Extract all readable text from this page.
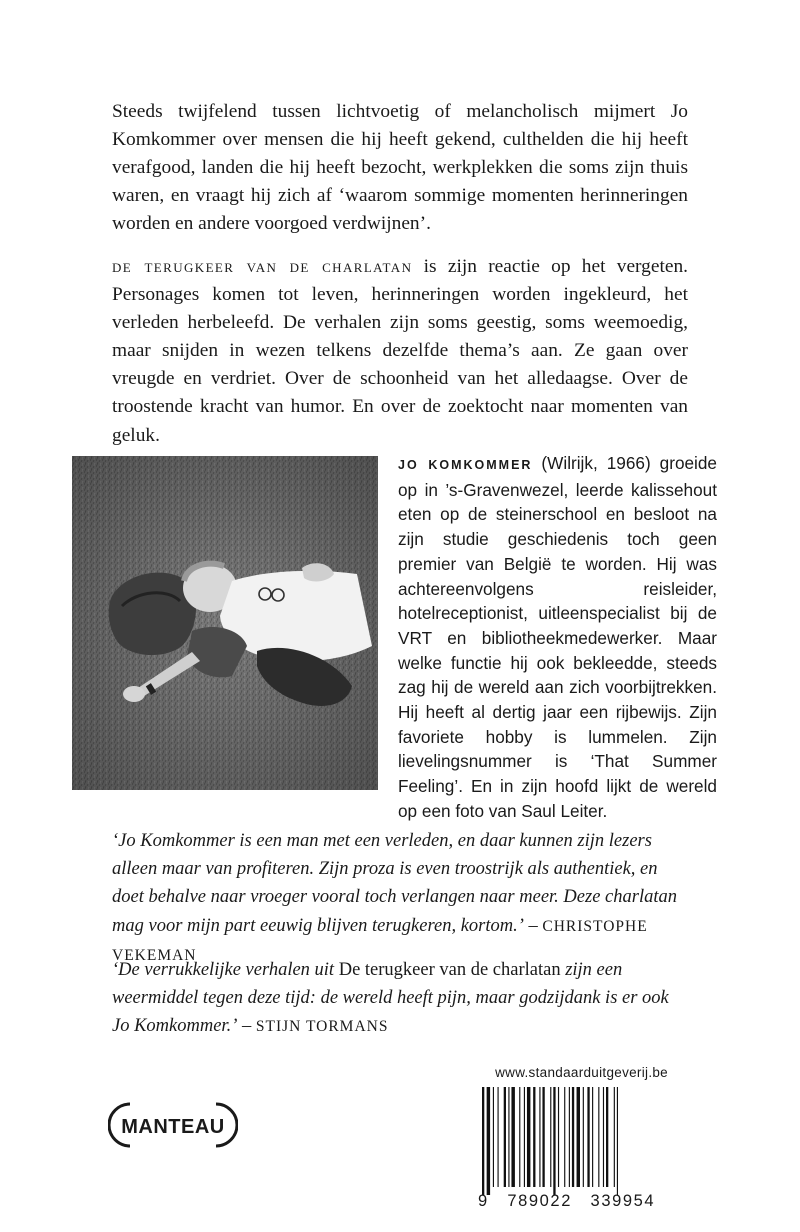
Steeds twijfelend tussen lichtvoetig of melancholisch mijmert Jo Komkommer over mensen die hij heeft gekend, culthelden die hij heeft verafgood, landen die hij heeft bezocht, werkplekken die soms zijn thuis waren, en vraagt hij zich af ‘waarom sommige momenten herinneringen worden en andere voorgoed verdwijnen’.

de terugkeer van de charlatan is zijn reactie op het vergeten. Personages komen tot leven, herinneringen worden ingekleurd, het verleden herbeleefd. De verhalen zijn soms geestig, soms weemoedig, maar snijden in wezen telkens dezelfde thema’s aan. Ze gaan over vreugde en verdriet. Over de schoonheid van het alledaagse. Over de troostende kracht van humor. En over de zoektocht naar momenten van geluk.

JO KOMKOMMER (Wilrijk, 1966) groeide op in ’s-Gravenwezel, leerde kalissehout eten op de steinerschool en besloot na zijn studie geschiedenis toch geen premier van België te worden. Hij was achtereenvolgens reisleider, hotelreceptionist, uitleenspecialist bij de VRT en bibliotheekmedewerker. Maar welke functie hij ook bekleedde, steeds zag hij de wereld aan zich voorbijtrekken. Hij heeft al dertig jaar een rijbewijs. Zijn favoriete hobby is lummelen. Zijn lievelingsnummer is ‘That Summer Feeling’. En in zijn hoofd lijkt de wereld op een foto van Saul Leiter.

‘Jo Komkommer is een man met een verleden, en daar kunnen zijn lezers alleen maar van profiteren. Zijn proza is even troostrijk als authentiek, en doet behalve naar vroeger vooral toch verlangen naar meer. Deze charlatan mag voor mijn part eeuwig blijven terugkeren, kortom.’ – CHRISTOPHE VEKEMAN

‘De verrukkelijke verhalen uit De terugkeer van de charlatan zijn een weermiddel tegen deze tijd: de wereld heeft pijn, maar godzijdank is er ook Jo Komkommer.’ – STIJN TORMANS

www.standaarduitgeverij.be
MANTEAU
9   789022   339954
